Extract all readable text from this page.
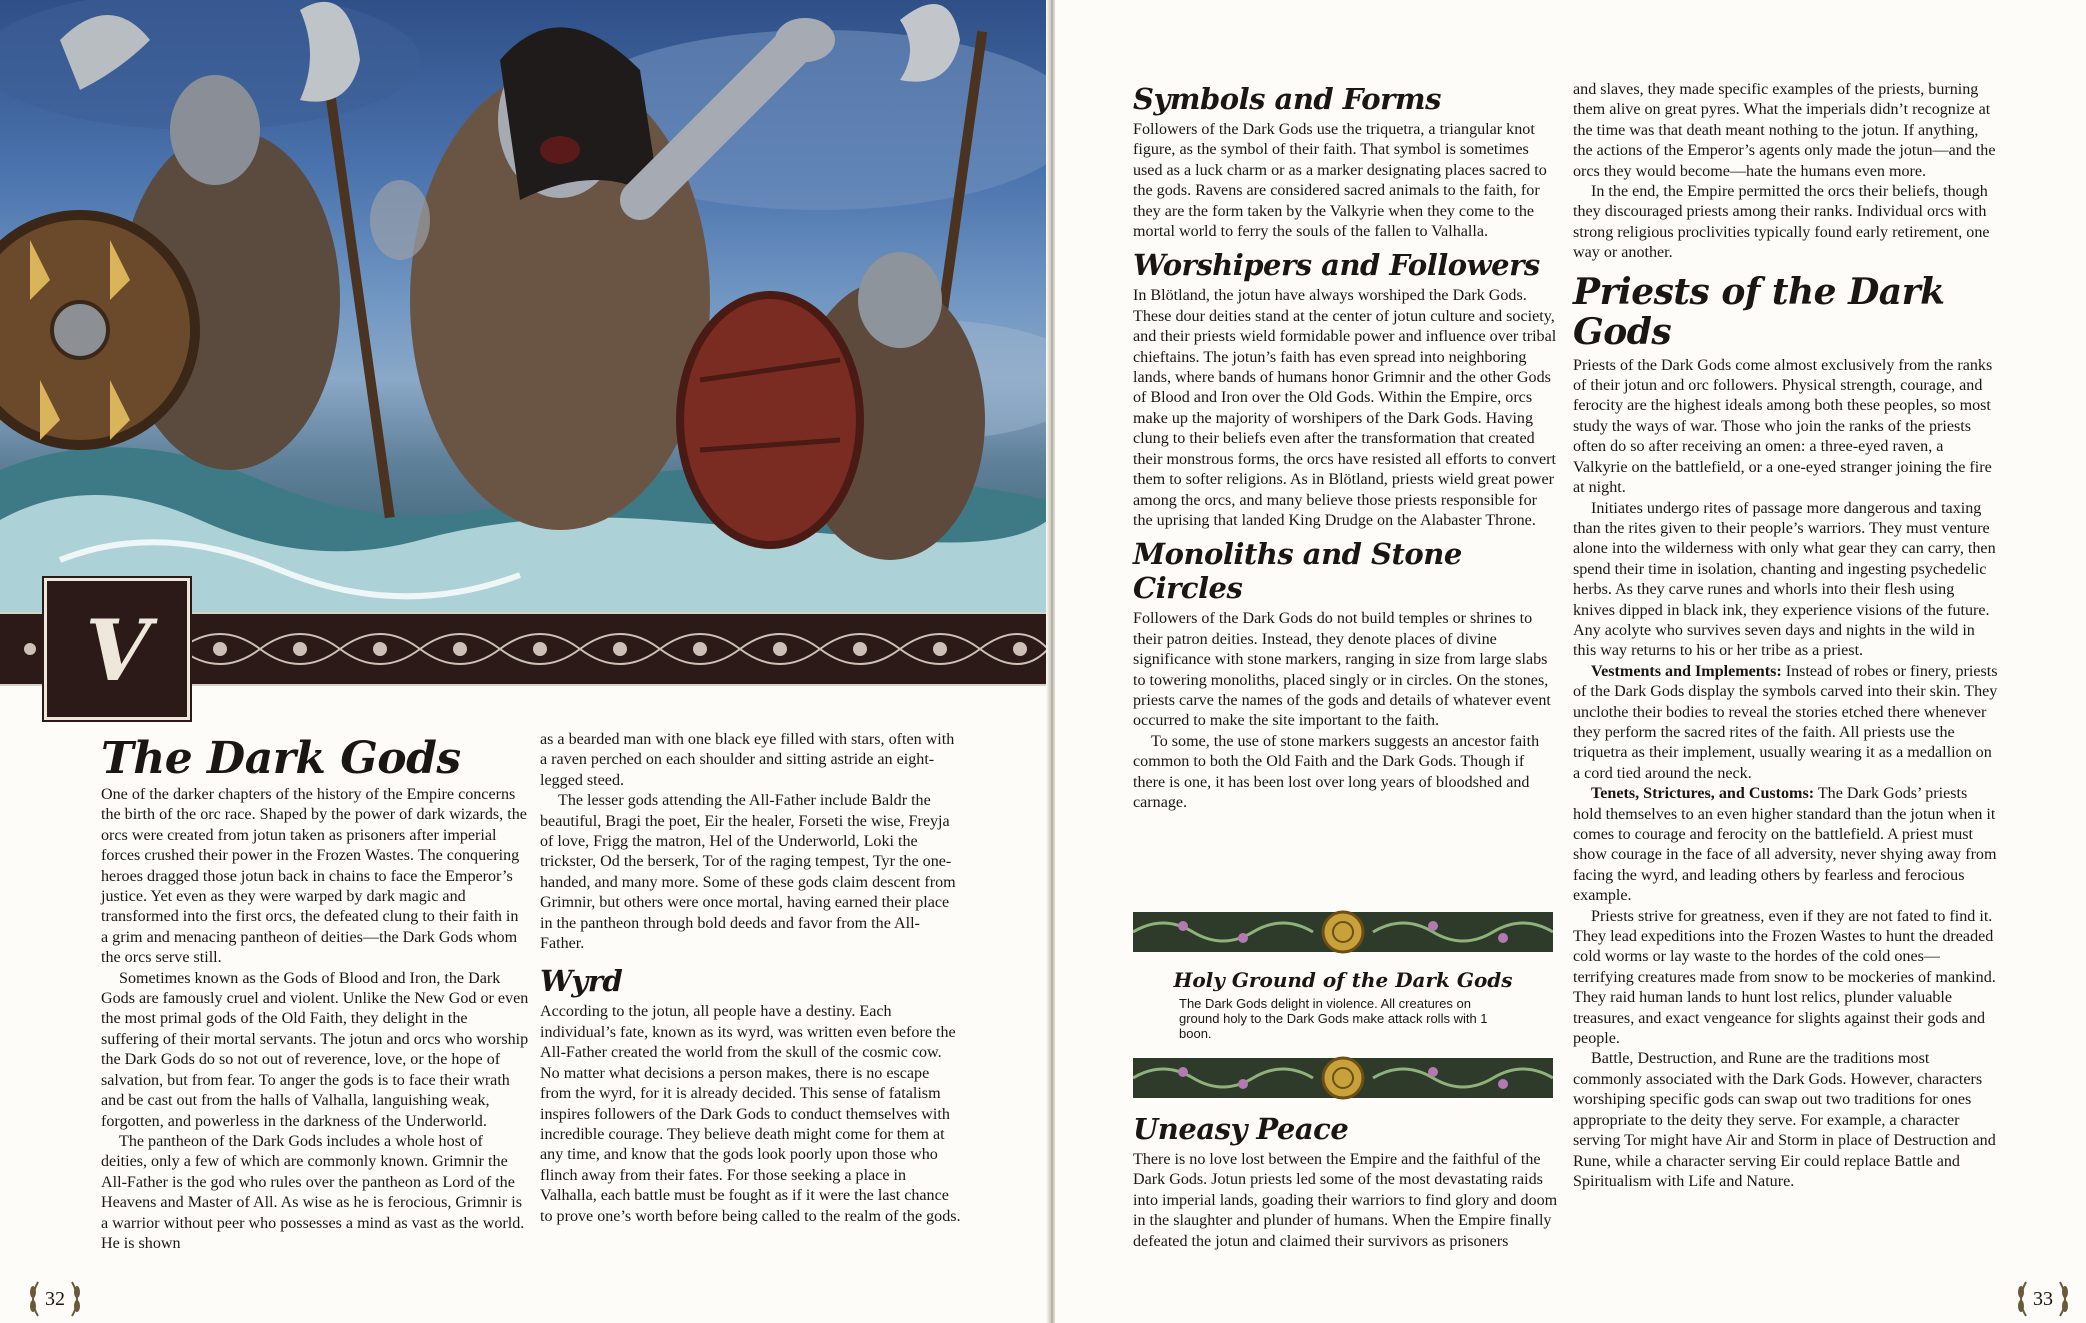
V
The Dark Gods

One of the darker chapters of the history of the Empire concerns the birth of the orc race. Shaped by the power of dark wizards, the orcs were created from jotun taken as prisoners after imperial forces crushed their power in the Frozen Wastes. The conquering heroes dragged those jotun back in chains to face the Emperor’s justice. Yet even as they were warped by dark magic and transformed into the first orcs, the defeated clung to their faith in a grim and menacing pantheon of deities—the Dark Gods whom the orcs serve still.

Sometimes known as the Gods of Blood and Iron, the Dark Gods are famously cruel and violent. Unlike the New God or even the most primal gods of the Old Faith, they delight in the suffering of their mortal servants. The jotun and orcs who worship the Dark Gods do so not out of reverence, love, or the hope of salvation, but from fear. To anger the gods is to face their wrath and be cast out from the halls of Valhalla, languishing weak, forgotten, and powerless in the darkness of the Underworld.

The pantheon of the Dark Gods includes a whole host of deities, only a few of which are commonly known. Grimnir the All-Father is the god who rules over the pantheon as Lord of the Heavens and Master of All. As wise as he is ferocious, Grimnir is a warrior without peer who possesses a mind as vast as the world. He is shown

as a bearded man with one black eye filled with stars, often with a raven perched on each shoulder and sitting astride an eight-legged steed.

The lesser gods attending the All-Father include Baldr the beautiful, Bragi the poet, Eir the healer, Forseti the wise, Freyja of love, Frigg the matron, Hel of the Underworld, Loki the trickster, Od the berserk, Tor of the raging tempest, Tyr the one-handed, and many more. Some of these gods claim descent from Grimnir, but others were once mortal, having earned their place in the pantheon through bold deeds and favor from the All-Father.

Wyrd

According to the jotun, all people have a destiny. Each individual’s fate, known as its wyrd, was written even before the All-Father created the world from the skull of the cosmic cow. No matter what decisions a person makes, there is no escape from the wyrd, for it is already decided. This sense of fatalism inspires followers of the Dark Gods to conduct themselves with incredible courage. They believe death might come for them at any time, and know that the gods look poorly upon those who flinch away from their fates. For those seeking a place in Valhalla, each battle must be fought as if it were the last chance to prove one’s worth before being called to the realm of the gods.

32
Symbols and Forms

Followers of the Dark Gods use the triquetra, a triangular knot figure, as the symbol of their faith. That symbol is sometimes used as a luck charm or as a marker designating places sacred to the gods. Ravens are considered sacred animals to the faith, for they are the form taken by the Valkyrie when they come to the mortal world to ferry the souls of the fallen to Valhalla.

Worshipers and Followers

In Blötland, the jotun have always worshiped the Dark Gods. These dour deities stand at the center of jotun culture and society, and their priests wield formidable power and influence over tribal chieftains. The jotun’s faith has even spread into neighboring lands, where bands of humans honor Grimnir and the other Gods of Blood and Iron over the Old Gods. Within the Empire, orcs make up the majority of worshipers of the Dark Gods. Having clung to their beliefs even after the transformation that created their monstrous forms, the orcs have resisted all efforts to convert them to softer religions. As in Blötland, priests wield great power among the orcs, and many believe those priests responsible for the uprising that landed King Drudge on the Alabaster Throne.

Monoliths and Stone Circles

Followers of the Dark Gods do not build temples or shrines to their patron deities. Instead, they denote places of divine significance with stone markers, ranging in size from large slabs to towering monoliths, placed singly or in circles. On the stones, priests carve the names of the gods and details of whatever event occurred to make the site important to the faith.

To some, the use of stone markers suggests an ancestor faith common to both the Old Faith and the Dark Gods. Though if there is one, it has been lost over long years of bloodshed and carnage.

Holy Ground of the Dark Gods
The Dark Gods delight in violence. All creatures on ground holy to the Dark Gods make attack rolls with 1 boon.
Uneasy Peace

There is no love lost between the Empire and the faithful of the Dark Gods. Jotun priests led some of the most devastating raids into imperial lands, goading their warriors to find glory and doom in the slaughter and plunder of humans. When the Empire finally defeated the jotun and claimed their survivors as prisoners

and slaves, they made specific examples of the priests, burning them alive on great pyres. What the imperials didn’t recognize at the time was that death meant nothing to the jotun. If anything, the actions of the Emperor’s agents only made the jotun—and the orcs they would become—hate the humans even more.

In the end, the Empire permitted the orcs their beliefs, though they discouraged priests among their ranks. Individual orcs with strong religious proclivities typically found early retirement, one way or another.

Priests of the Dark Gods

Priests of the Dark Gods come almost exclusively from the ranks of their jotun and orc followers. Physical strength, courage, and ferocity are the highest ideals among both these peoples, so most study the ways of war. Those who join the ranks of the priests often do so after receiving an omen: a three-eyed raven, a Valkyrie on the battlefield, or a one-eyed stranger joining the fire at night.

Initiates undergo rites of passage more dangerous and taxing than the rites given to their people’s warriors. They must venture alone into the wilderness with only what gear they can carry, then spend their time in isolation, chanting and ingesting psychedelic herbs. As they carve runes and whorls into their flesh using knives dipped in black ink, they experience visions of the future. Any acolyte who survives seven days and nights in the wild in this way returns to his or her tribe as a priest.

Vestments and Implements: Instead of robes or finery, priests of the Dark Gods display the symbols carved into their skin. They unclothe their bodies to reveal the stories etched there whenever they perform the sacred rites of the faith. All priests use the triquetra as their implement, usually wearing it as a medallion on a cord tied around the neck.

Tenets, Strictures, and Customs: The Dark Gods’ priests hold themselves to an even higher standard than the jotun when it comes to courage and ferocity on the battlefield. A priest must show courage in the face of all adversity, never shying away from facing the wyrd, and leading others by fearless and ferocious example.

Priests strive for greatness, even if they are not fated to find it. They lead expeditions into the Frozen Wastes to hunt the dreaded cold worms or lay waste to the hordes of the cold ones—terrifying creatures made from snow to be mockeries of mankind. They raid human lands to hunt lost relics, plunder valuable treasures, and exact vengeance for slights against their gods and people.

Battle, Destruction, and Rune are the traditions most commonly associated with the Dark Gods. However, characters worshiping specific gods can swap out two traditions for ones appropriate to the deity they serve. For example, a character serving Tor might have Air and Storm in place of Destruction and Rune, while a character serving Eir could replace Battle and Spiritualism with Life and Nature.

33
